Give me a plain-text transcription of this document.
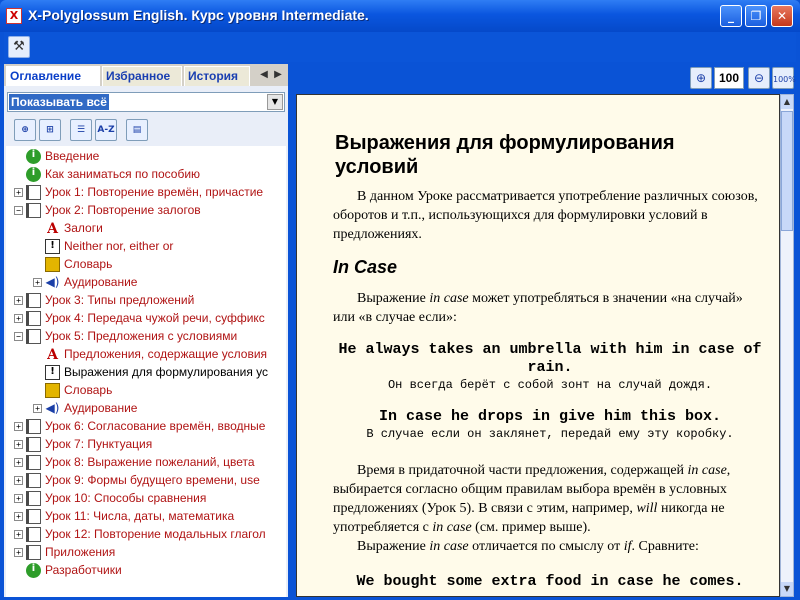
X X-Polyglossum English. Курс уровня Intermediate.	_	❐	✕
⚒
Оглавление	Избранное	История	◀ ▶
Показывать всё	▼
⊕	⊞	☰	A-Z	▤
i Введение
i Как заниматься по пособию
+ Урок 1: Повторение времён, причастие
− Урок 2: Повторение залогов
A Залоги
! Neither nor, either or
Словарь
+ ◀) Аудирование
+ Урок 3: Типы предложений
+ Урок 4: Передача чужой речи, суффикс
− Урок 5: Предложения с условиями
A Предложения, содержащие условия
! Выражения для формулирования ус
Словарь
+ ◀) Аудирование
+ Урок 6: Согласование времён, вводные
+ Урок 7: Пунктуация
+ Урок 8: Выражение пожеланий, цвета
+ Урок 9: Формы будущего времени, use
+ Урок 10: Способы сравнения
+ Урок 11: Числа, даты, математика
+ Урок 12: Повторение модальных глагол
+ Приложения
i Разработчики
⊕	100	⊖	100%
Выражения для формулирования условий
В данном Уроке рассматривается употребление различных союзов, оборотов и т.п., использующихся для формулировки условий в предложениях.
In Case
Выражение in case может употребляться в значении «на случай» или «в случае если»:
He always takes an umbrella with him in case of rain.
Он всегда берёт с собой зонт на случай дождя.
In case he drops in give him this box.
В случае если он заклянет, передай ему эту коробку.
Время в придаточной части предложения, содержащей in case, выбирается согласно общим правилам выбора времён в условных предложениях (Урок 5). В связи с этим, например, will никогда не употребляется с in case (см. пример выше).
Выражение in case отличается по смыслу от if. Сравните:
We bought some extra food in case he comes.
▲
▼
